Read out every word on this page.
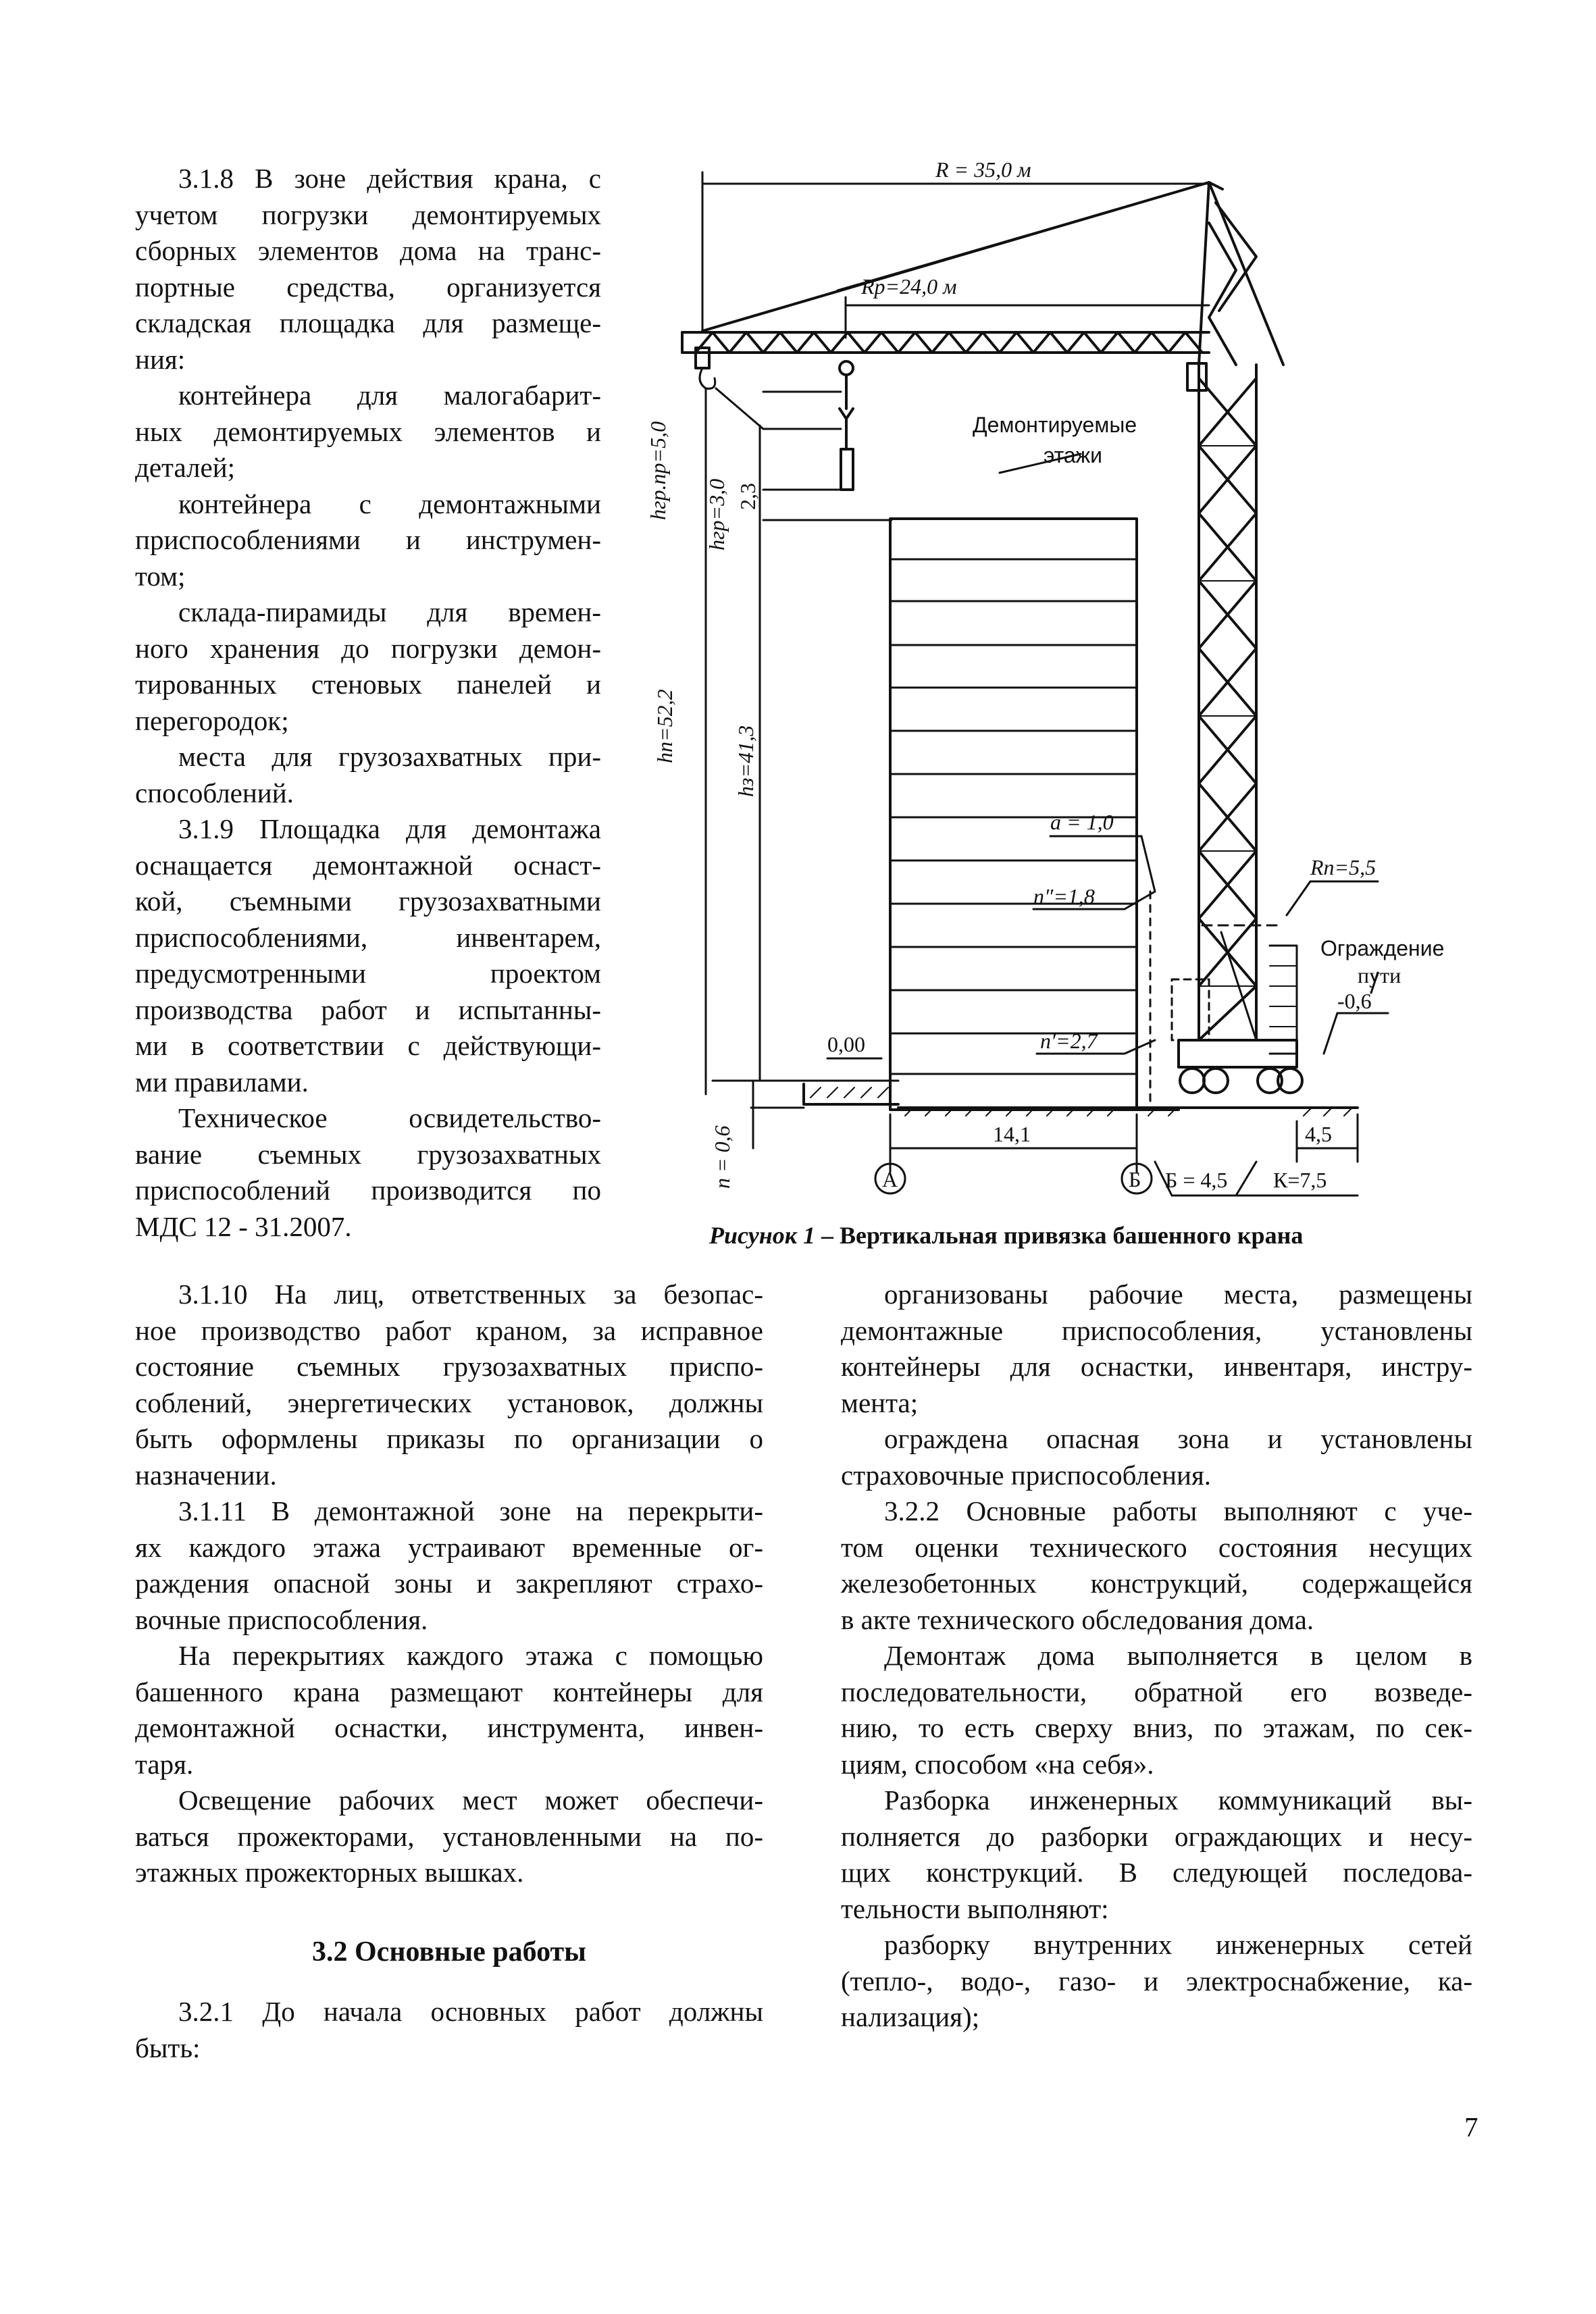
3.1.8 В зоне действия крана, с
учетом погрузки демонтируемых
сборных элементов дома на транс-
портные средства, организуется
складская площадка для размеще-
ния:
контейнера для малогабарит-
ных демонтируемых элементов и
деталей;
контейнера с демонтажными
приспособлениями и инструмен-
том;
склада-пирамиды для времен-
ного хранения до погрузки демон-
тированных стеновых панелей и
перегородок;
места для грузозахватных при-
способлений.
3.1.9 Площадка для демонтажа
оснащается демонтажной оснаст-
кой, съемными грузозахватными
приспособлениями, инвентарем,
предусмотренными проектом
производства работ и испытанны-
ми в соответствии с действующи-
ми правилами.
Техническое освидетельство-
вание съемных грузозахватных
приспособлений производится по
МДС 12 - 31.2007.
R = 35,0 м
Rр=24,0 м
Демонтируемые
этажи
hгр.пр=5,0 hгр=3,0 2,3
hп=52,2	hз=41,3
a = 1,0
n″=1,8
Rп=5,5
Ограждение
пути
-0,6
0,00	n′=2,7
n = 0,6	14,1	4,5
А	Б Б = 4,5 К=7,5
Рисунок 1 – Вертикальная привязка башенного крана
3.1.10 На лиц, ответственных за безопас-
ное производство работ краном, за исправное
состояние съемных грузозахватных приспо-
соблений, энергетических установок, должны
быть оформлены приказы по организации о
назначении.
3.1.11 В демонтажной зоне на перекрыти-
ях каждого этажа устраивают временные ог-
раждения опасной зоны и закрепляют страхо-
вочные приспособления.
На перекрытиях каждого этажа с помощью
башенного крана размещают контейнеры для
демонтажной оснастки, инструмента, инвен-
таря.
Освещение рабочих мест может обеспечи-
ваться прожекторами, установленными на по-
этажных прожекторных вышках.
3.2 Основные работы
3.2.1 До начала основных работ должны
быть:
организованы рабочие места, размещены
демонтажные приспособления, установлены
контейнеры для оснастки, инвентаря, инстру-
мента;
ограждена опасная зона и установлены
страховочные приспособления.
3.2.2 Основные работы выполняют с уче-
том оценки технического состояния несущих
железобетонных конструкций, содержащейся
в акте технического обследования дома.
Демонтаж дома выполняется в целом в
последовательности, обратной его возведе-
нию, то есть сверху вниз, по этажам, по сек-
циям, способом «на себя».
Разборка инженерных коммуникаций вы-
полняется до разборки ограждающих и несу-
щих конструкций. В следующей последова-
тельности выполняют:
разборку внутренних инженерных сетей
(тепло-, водо-, газо- и электроснабжение, ка-
нализация);
7
